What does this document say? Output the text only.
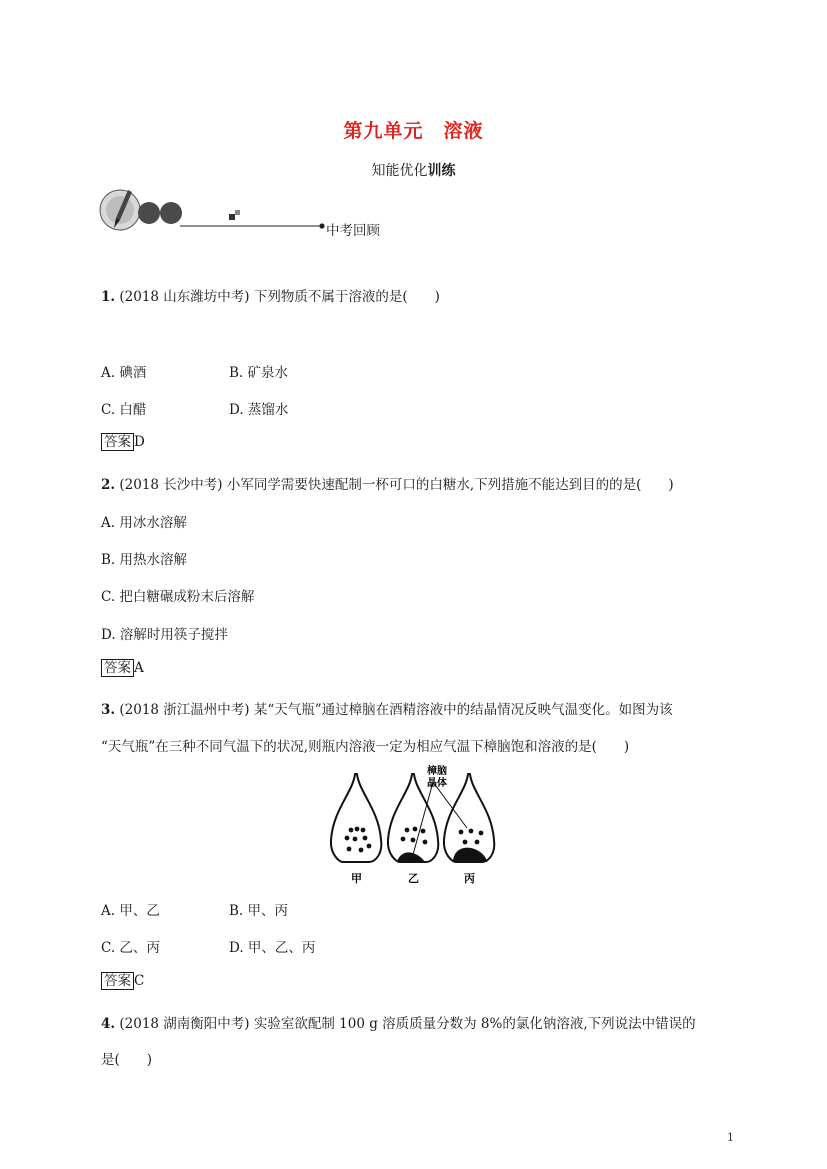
第九单元　溶液
知能优化训练
中考回顾
1. (2018 山东潍坊中考) 下列物质不属于溶液的是(　　)
A. 碘酒	B. 矿泉水
C. 白醋	D. 蒸馏水
答案 D
2. (2018 长沙中考) 小军同学需要快速配制一杯可口的白糖水,下列措施不能达到目的的是(　　)
A. 用冰水溶解
B. 用热水溶解
C. 把白糖碾成粉末后溶解
D. 溶解时用筷子搅拌
答案 A
3. (2018 浙江温州中考) 某“天气瓶”通过樟脑在酒精溶液中的结晶情况反映气温变化。如图为该
“天气瓶”在三种不同气温下的状况,则瓶内溶液一定为相应气温下樟脑饱和溶液的是(　　)
樟脑
晶体
甲	乙	丙
A. 甲、乙	B. 甲、丙
C. 乙、丙	D. 甲、乙、丙
答案 C
4. (2018 湖南衡阳中考) 实验室欲配制 100 g 溶质质量分数为 8%的氯化钠溶液,下列说法中错误的
是(　　)
1
